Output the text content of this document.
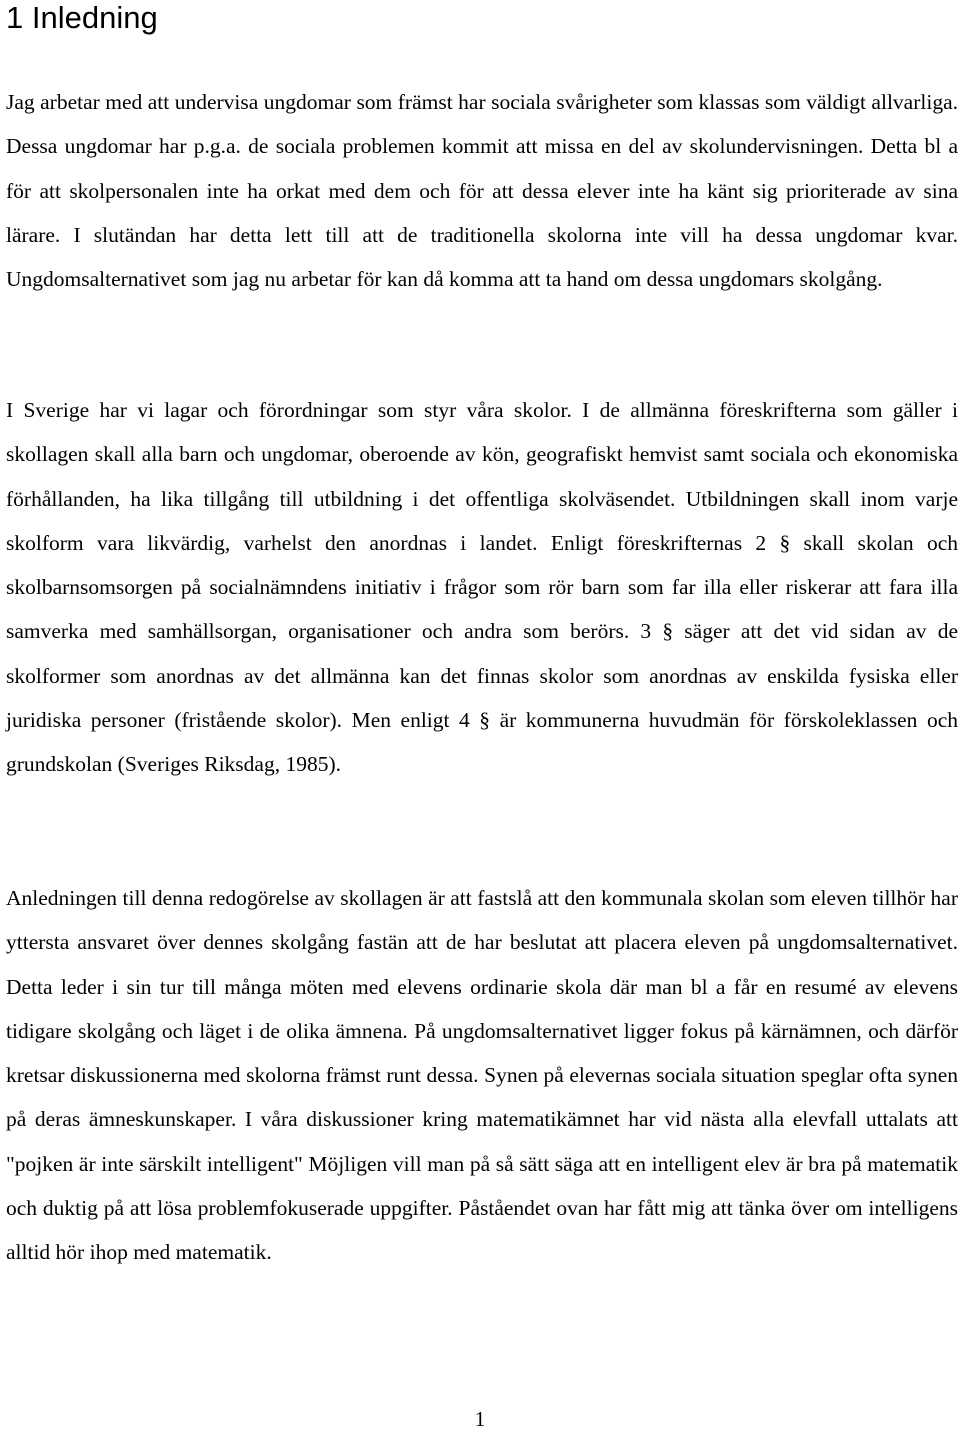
1 Inledning

Jag arbetar med att undervisa ungdomar som främst har sociala svårigheter som klassas som väldigt allvarliga. Dessa ungdomar har p.g.a. de sociala problemen kommit att missa en del av skolundervisningen. Detta bl a för att skolpersonalen inte ha orkat med dem och för att dessa elever inte ha känt sig prioriterade av sina lärare. I slutändan har detta lett till att de traditionella skolorna inte vill ha dessa ungdomar kvar. Ungdomsalternativet som jag nu arbetar för kan då komma att ta hand om dessa ungdomars skolgång.

I Sverige har vi lagar och förordningar som styr våra skolor. I de allmänna föreskrifterna som gäller i skollagen skall alla barn och ungdomar, oberoende av kön, geografiskt hemvist samt sociala och ekonomiska förhållanden, ha lika tillgång till utbildning i det offentliga skolväsendet. Utbildningen skall inom varje skolform vara likvärdig, varhelst den anordnas i landet. Enligt föreskrifternas 2 § skall skolan och skolbarnsomsorgen på socialnämndens initiativ i frågor som rör barn som far illa eller riskerar att fara illa samverka med samhällsorgan, organisationer och andra som berörs. 3 § säger att det vid sidan av de skolformer som anordnas av det allmänna kan det finnas skolor som anordnas av enskilda fysiska eller juridiska personer (fristående skolor). Men enligt 4 § är kommunerna huvudmän för förskoleklassen och grundskolan (Sveriges Riksdag, 1985).

Anledningen till denna redogörelse av skollagen är att fastslå att den kommunala skolan som eleven tillhör har yttersta ansvaret över dennes skolgång fastän att de har beslutat att placera eleven på ungdomsalternativet. Detta leder i sin tur till många möten med elevens ordinarie skola där man bl a får en resumé av elevens tidigare skolgång och läget i de olika ämnena. På ungdomsalternativet ligger fokus på kärnämnen, och därför kretsar diskussionerna med skolorna främst runt dessa. Synen på elevernas sociala situation speglar ofta synen på deras ämneskunskaper. I våra diskussioner kring matematikämnet har vid nästa alla elevfall uttalats att "pojken är inte särskilt intelligent" Möjligen vill man på så sätt säga att en intelligent elev är bra på matematik och duktig på att lösa problemfokuserade uppgifter. Påståendet ovan har fått mig att tänka över om intelligens alltid hör ihop med matematik.

1
